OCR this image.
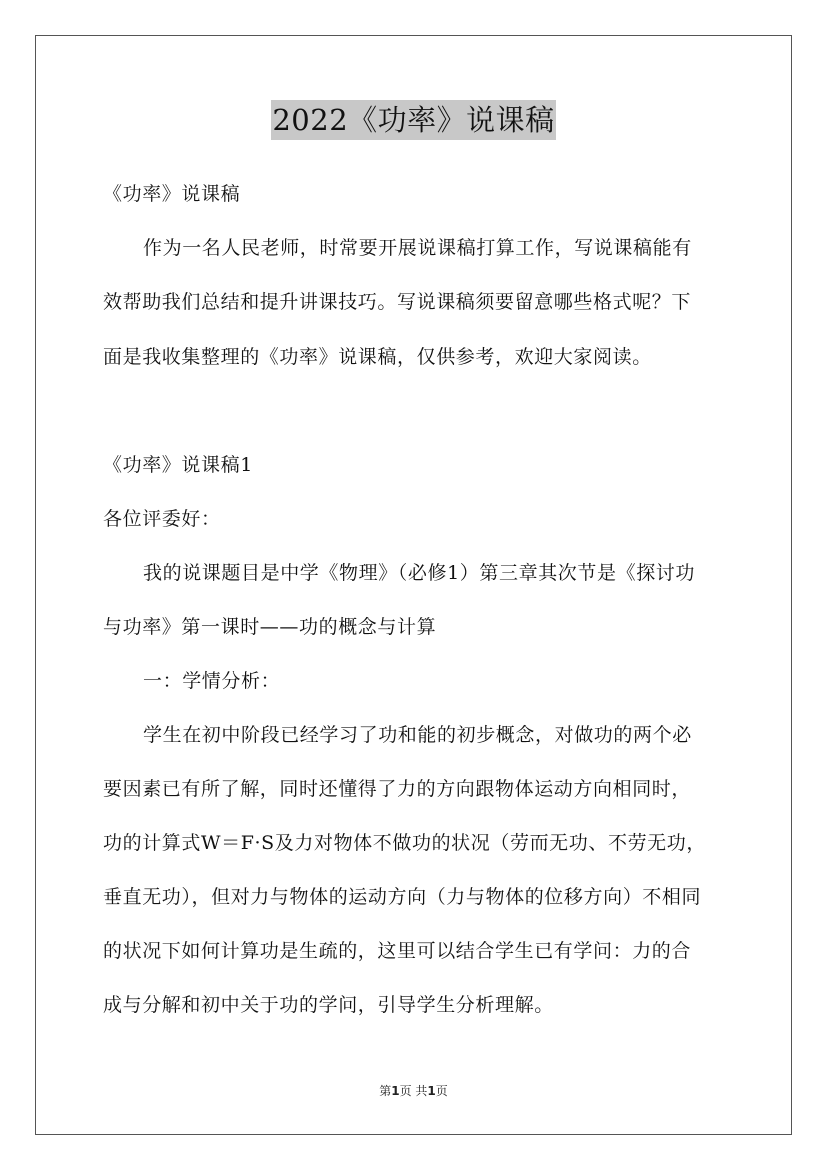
2022《功率》说课稿
《功率》说课稿
作为一名人民老师，时常要开展说课稿打算工作，写说课稿能有
效帮助我们总结和提升讲课技巧。写说课稿须要留意哪些格式呢？下
面是我收集整理的《功率》说课稿，仅供参考，欢迎大家阅读。
《功率》说课稿1
各位评委好：
我的说课题目是中学《物理》（必修1）第三章其次节是《探讨功
与功率》第一课时——功的概念与计算
一：学情分析：
学生在初中阶段已经学习了功和能的初步概念，对做功的两个必
要因素已有所了解，同时还懂得了力的方向跟物体运动方向相同时，
功的计算式W＝F·S及力对物体不做功的状况（劳而无功、不劳无功，
垂直无功），但对力与物体的运动方向（力与物体的位移方向）不相同
的状况下如何计算功是生疏的，这里可以结合学生已有学问：力的合
成与分解和初中关于功的学问，引导学生分析理解。
第1页 共1页
